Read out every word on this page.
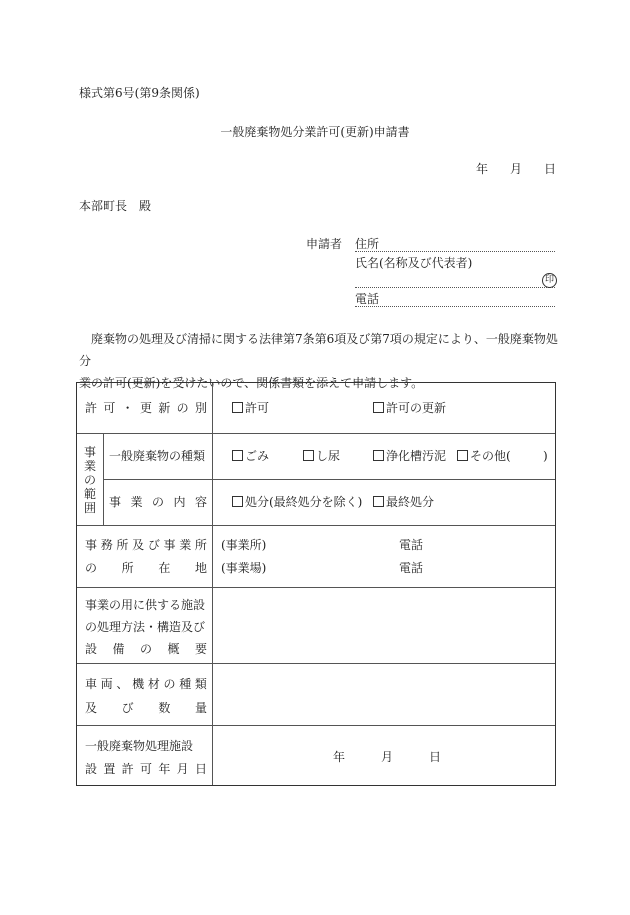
様式第6号(第9条関係)
一般廃棄物処分業許可(更新)申請書
年 月 日
本部町長　殿
申請者 住所
氏名(名称及び代表者)
印
電話

廃棄物の処理及び清掃に関する法律第7条第6項及び第7項の規定により、一般廃棄物処分

業の許可(更新)を受けたいので、関係書類を添えて申請します。

許 可 ・ 更 新 の 別	許可	許可の更新
事
業
の
範
囲
一般廃棄物の種類	ごみ	し尿	浄化槽汚泥	その他(	)
事 業 の 内 容	処分(最終処分を除く)	最終処分
事 務 所 及 び 事 業 所
の 所 在 地
(事業所)	電話
(事業場)	電話
事業の用に供する施設
の処理方法・構造及び
設 備 の 概 要
車 両 、 機 材 の 種 類
及 び 数 量
一般廃棄物処理施設
設 置 許 可 年 月 日
年	月	日
